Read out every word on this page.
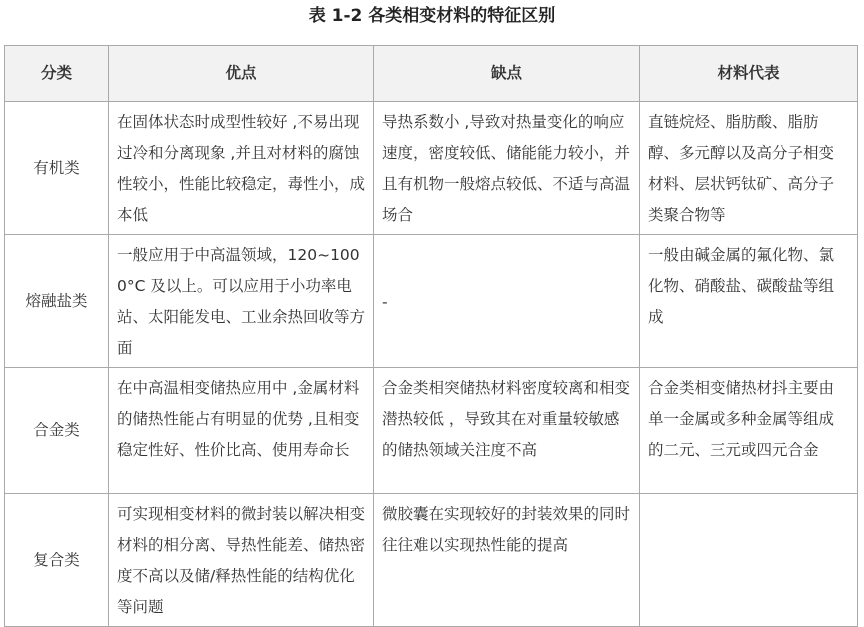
表 1-2 各类相变材料的特征区别
分类	优点	缺点	材料代表
有机类	在固体状态时成型性较好 ,不易出现过冷和分离现象 ,并且对材料的腐蚀性较小，性能比较稳定，毒性小，成本低	导热系数小 ,导致对热量变化的响应速度，密度较低、储能能力较小，并且有机物一般熔点较低、不适与高温场合	直链烷烃、脂肪酸、脂肪醇、多元醇以及高分子相变材料、层状钙钛矿、高分子类聚合物等
熔融盐类	一般应用于中高温领域，120~1000°C 及以上。可以应用于小功率电站、太阳能发电、工业余热回收等方面	-	一般由碱金属的氟化物、氯化物、硝酸盐、碳酸盐等组成
合金类	在中高温相变储热应用中 ,金属材料的储热性能占有明显的优势 ,且相变稳定性好、性价比高、使用寿命长	合金类相突储热材料密度较离和相变潜热较低 ，导致其在对重量较敏感的储热领域关注度不高	合金类相变储热材抖主要由单一金属或多种金属等组成的二元、三元或四元合金
复合类	可实现相变材料的微封装以解决相变材料的相分离、导热性能差、储热密度不高以及储/释热性能的结构优化等问题	微胶囊在实现较好的封装效果的同时往往难以实现热性能的提高	
